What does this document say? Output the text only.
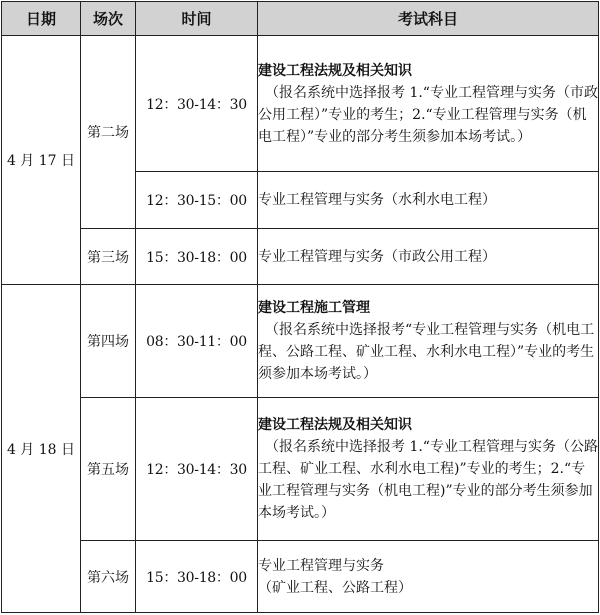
日期	场次	时间	考试科目
4 月 17 日	第二场	12：30-14：30	建设工程法规及相关知识
（报名系统中选择报考 1.“专业工程管理与实务（市政公用工程）”专业的考生；2.“专业工程管理与实务（机电工程）”专业的部分考生须参加本场考试。）

		12：30-15：00	专业工程管理与实务（水利水电工程）

	第三场	15：30-18：00	专业工程管理与实务（市政公用工程）

4 月 18 日	第四场	08：30-11：00	建设工程施工管理
（报名系统中选择报考“专业工程管理与实务（机电工程、公路工程、矿业工程、水利水电工程）”专业的考生须参加本场考试。）

	第五场	12：30-14：30	建设工程法规及相关知识
（报名系统中选择报考 1.“专业工程管理与实务（公路工程、矿业工程、水利水电工程)”专业的考生；2.“专业工程管理与实务（机电工程)”专业的部分考生须参加本场考试。）

	第六场	15：30-18：00	专业工程管理与实务
（矿业工程、公路工程）
